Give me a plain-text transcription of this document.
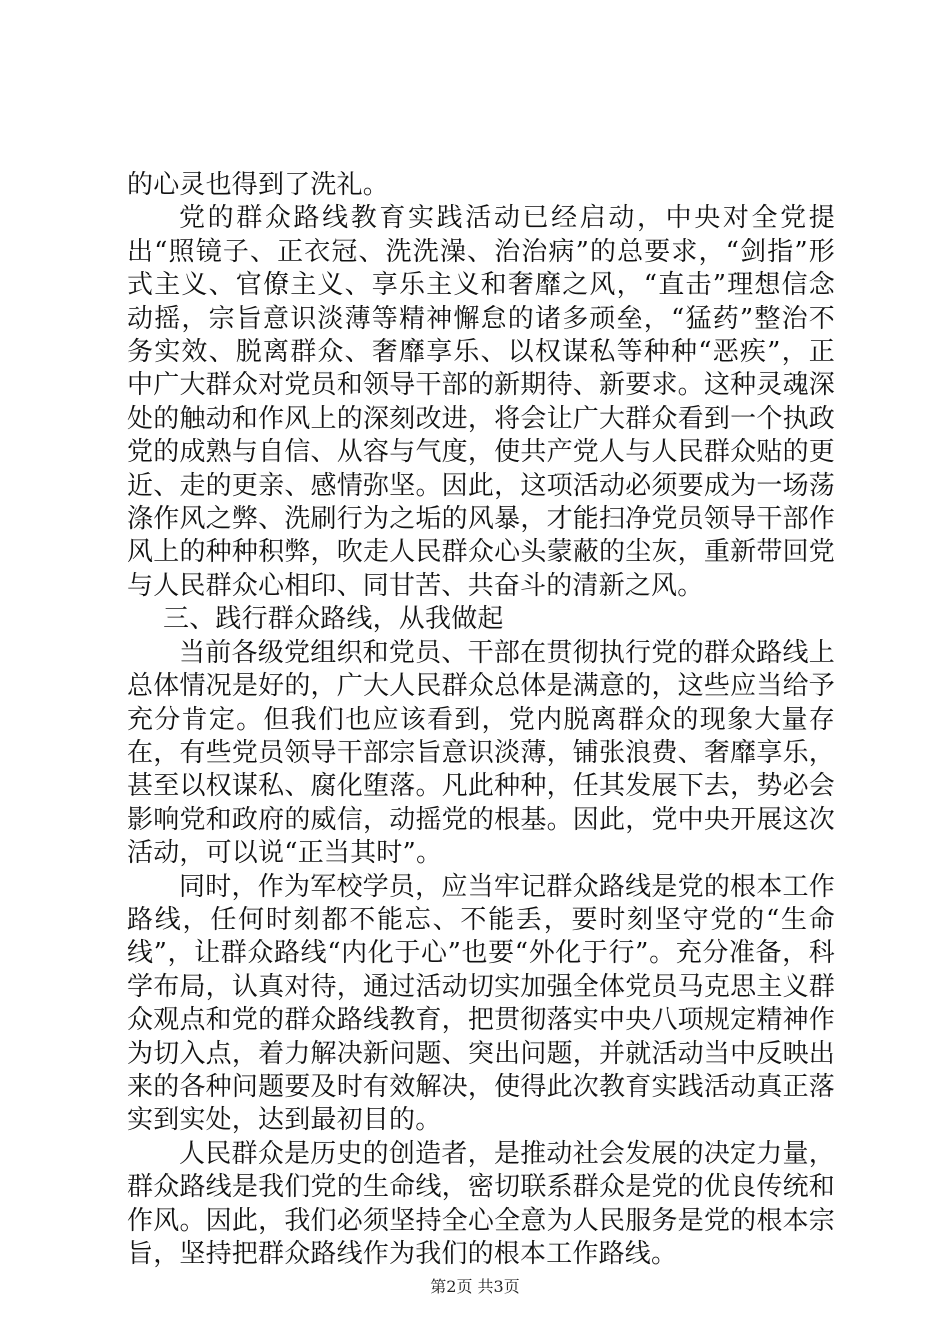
的心灵也得到了洗礼。

党的群众路线教育实践活动已经启动，中央对全党提出“照镜子、正衣冠、洗洗澡、治治病”的总要求，“剑指”形式主义、官僚主义、享乐主义和奢靡之风，“直击”理想信念动摇，宗旨意识淡薄等精神懈怠的诸多顽垒，“猛药”整治不务实效、脱离群众、奢靡享乐、以权谋私等种种“恶疾”，正中广大群众对党员和领导干部的新期待、新要求。这种灵魂深处的触动和作风上的深刻改进，将会让广大群众看到一个执政党的成熟与自信、从容与气度，使共产党人与人民群众贴的更近、走的更亲、感情弥坚。因此，这项活动必须要成为一场荡涤作风之弊、洗刷行为之垢的风暴，才能扫净党员领导干部作风上的种种积弊，吹走人民群众心头蒙蔽的尘灰，重新带回党与人民群众心相印、同甘苦、共奋斗的清新之风。

三、践行群众路线，从我做起

当前各级党组织和党员、干部在贯彻执行党的群众路线上总体情况是好的，广大人民群众总体是满意的，这些应当给予充分肯定。但我们也应该看到，党内脱离群众的现象大量存在，有些党员领导干部宗旨意识淡薄，铺张浪费、奢靡享乐，甚至以权谋私、腐化堕落。凡此种种，任其发展下去，势必会影响党和政府的威信，动摇党的根基。因此，党中央开展这次活动，可以说“正当其时”。

同时，作为军校学员，应当牢记群众路线是党的根本工作路线，任何时刻都不能忘、不能丢，要时刻坚守党的“生命线”，让群众路线“内化于心”也要“外化于行”。充分准备，科学布局，认真对待，通过活动切实加强全体党员马克思主义群众观点和党的群众路线教育，把贯彻落实中央八项规定精神作为切入点，着力解决新问题、突出问题，并就活动当中反映出来的各种问题要及时有效解决，使得此次教育实践活动真正落实到实处，达到最初目的。

人民群众是历史的创造者，是推动社会发展的决定力量，群众路线是我们党的生命线，密切联系群众是党的优良传统和作风。因此，我们必须坚持全心全意为人民服务是党的根本宗旨，坚持把群众路线作为我们的根本工作路线。

第2页 共3页
